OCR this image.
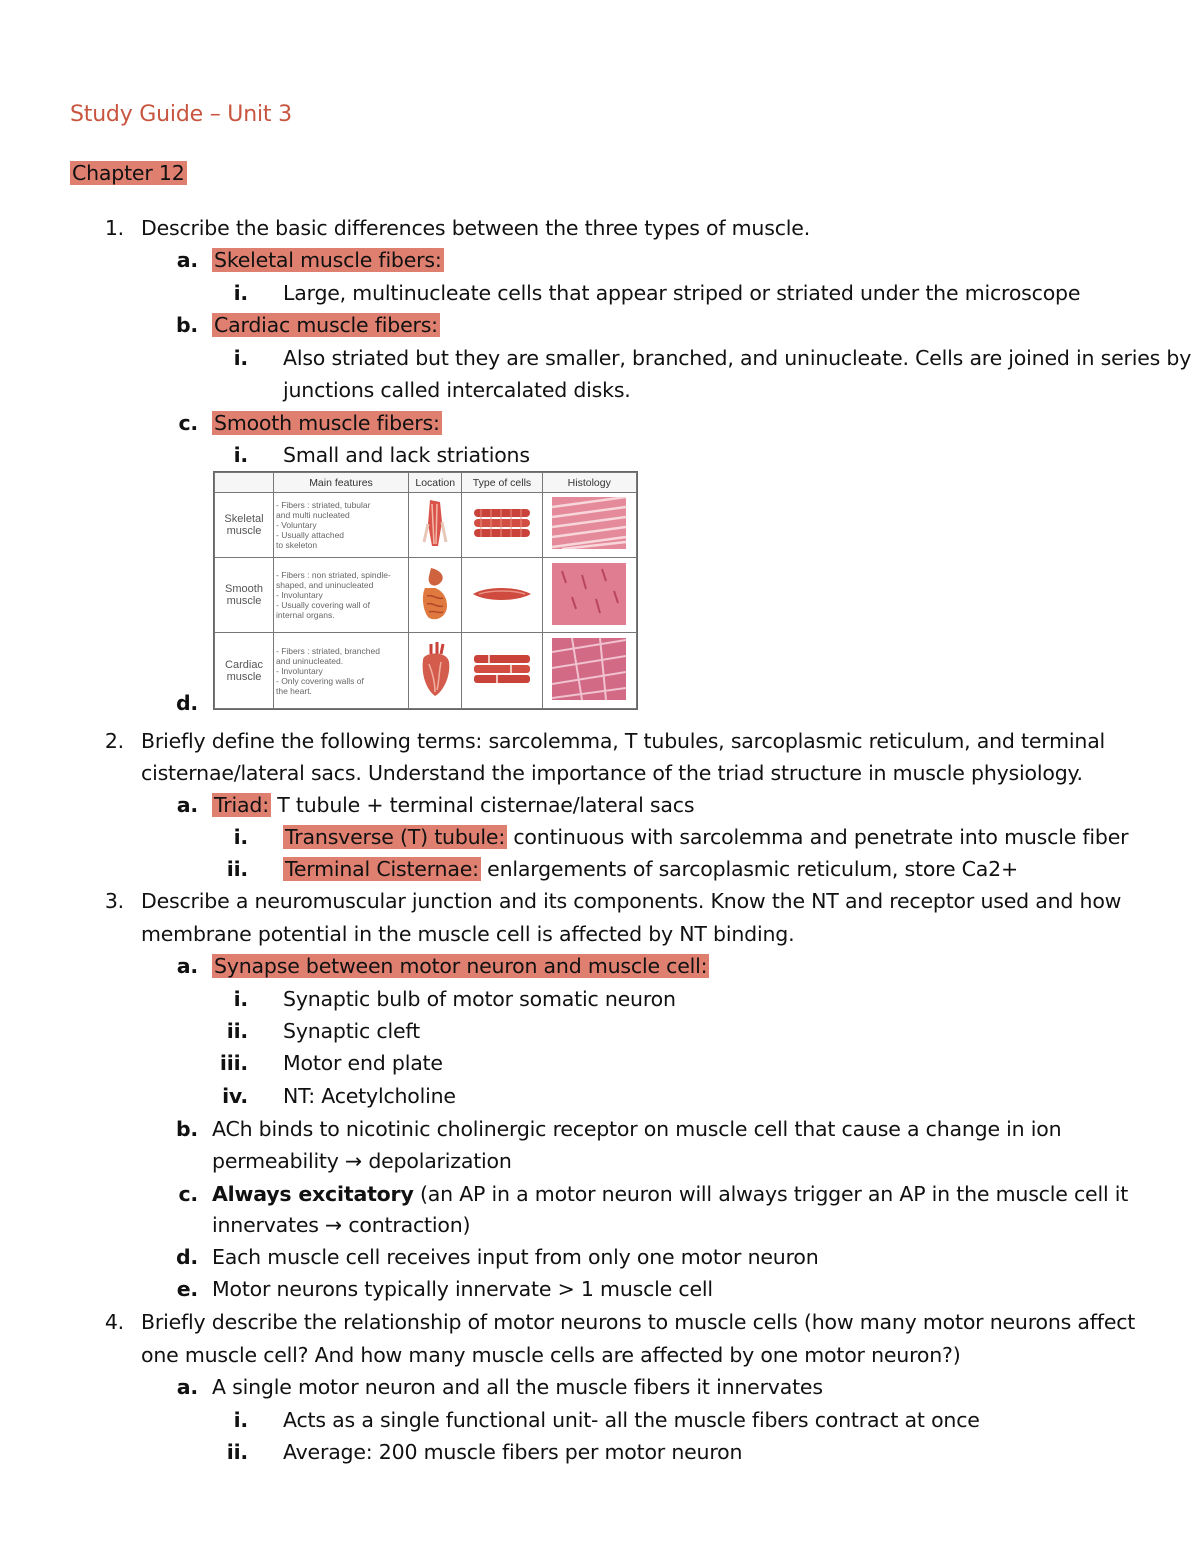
Study Guide – Unit 3
Chapter 12
1. Describe the basic differences between the three types of muscle.
a. Skeletal muscle fibers:
i. Large, multinucleate cells that appear striped or striated under the microscope
b. Cardiac muscle fibers:
i. Also striated but they are smaller, branched, and uninucleate. Cells are joined in series by
junctions called intercalated disks.
c. Smooth muscle fibers:
i. Small and lack striations
d.
	Main features	Location	Type of cells	Histology
Skeletal
muscle	- Fibers : striated, tubular
and multi nucleated
- Voluntary
- Usually attached
to skeleton			
Smooth
muscle	- Fibers : non striated, spindle-
shaped, and uninucleated
- Involuntary
- Usually covering wall of
internal organs.			
Cardiac
muscle	- Fibers : striated, branched
and uninucleated.
- Involuntary
- Only covering walls of
the heart.			
2. Briefly define the following terms: sarcolemma, T tubules, sarcoplasmic reticulum, and terminal
cisternae/lateral sacs. Understand the importance of the triad structure in muscle physiology.
a. Triad: T tubule + terminal cisternae/lateral sacs
i. Transverse (T) tubule: continuous with sarcolemma and penetrate into muscle fiber
ii. Terminal Cisternae: enlargements of sarcoplasmic reticulum, store Ca2+
3. Describe a neuromuscular junction and its components. Know the NT and receptor used and how
membrane potential in the muscle cell is affected by NT binding.
a. Synapse between motor neuron and muscle cell:
i. Synaptic bulb of motor somatic neuron
ii. Synaptic cleft
iii. Motor end plate
iv. NT: Acetylcholine
b. ACh binds to nicotinic cholinergic receptor on muscle cell that cause a change in ion
permeability → depolarization
c. Always excitatory (an AP in a motor neuron will always trigger an AP in the muscle cell it
innervates → contraction)
d. Each muscle cell receives input from only one motor neuron
e. Motor neurons typically innervate > 1 muscle cell
4. Briefly describe the relationship of motor neurons to muscle cells (how many motor neurons affect
one muscle cell? And how many muscle cells are affected by one motor neuron?)
a. A single motor neuron and all the muscle fibers it innervates
i. Acts as a single functional unit- all the muscle fibers contract at once
ii. Average: 200 muscle fibers per motor neuron
